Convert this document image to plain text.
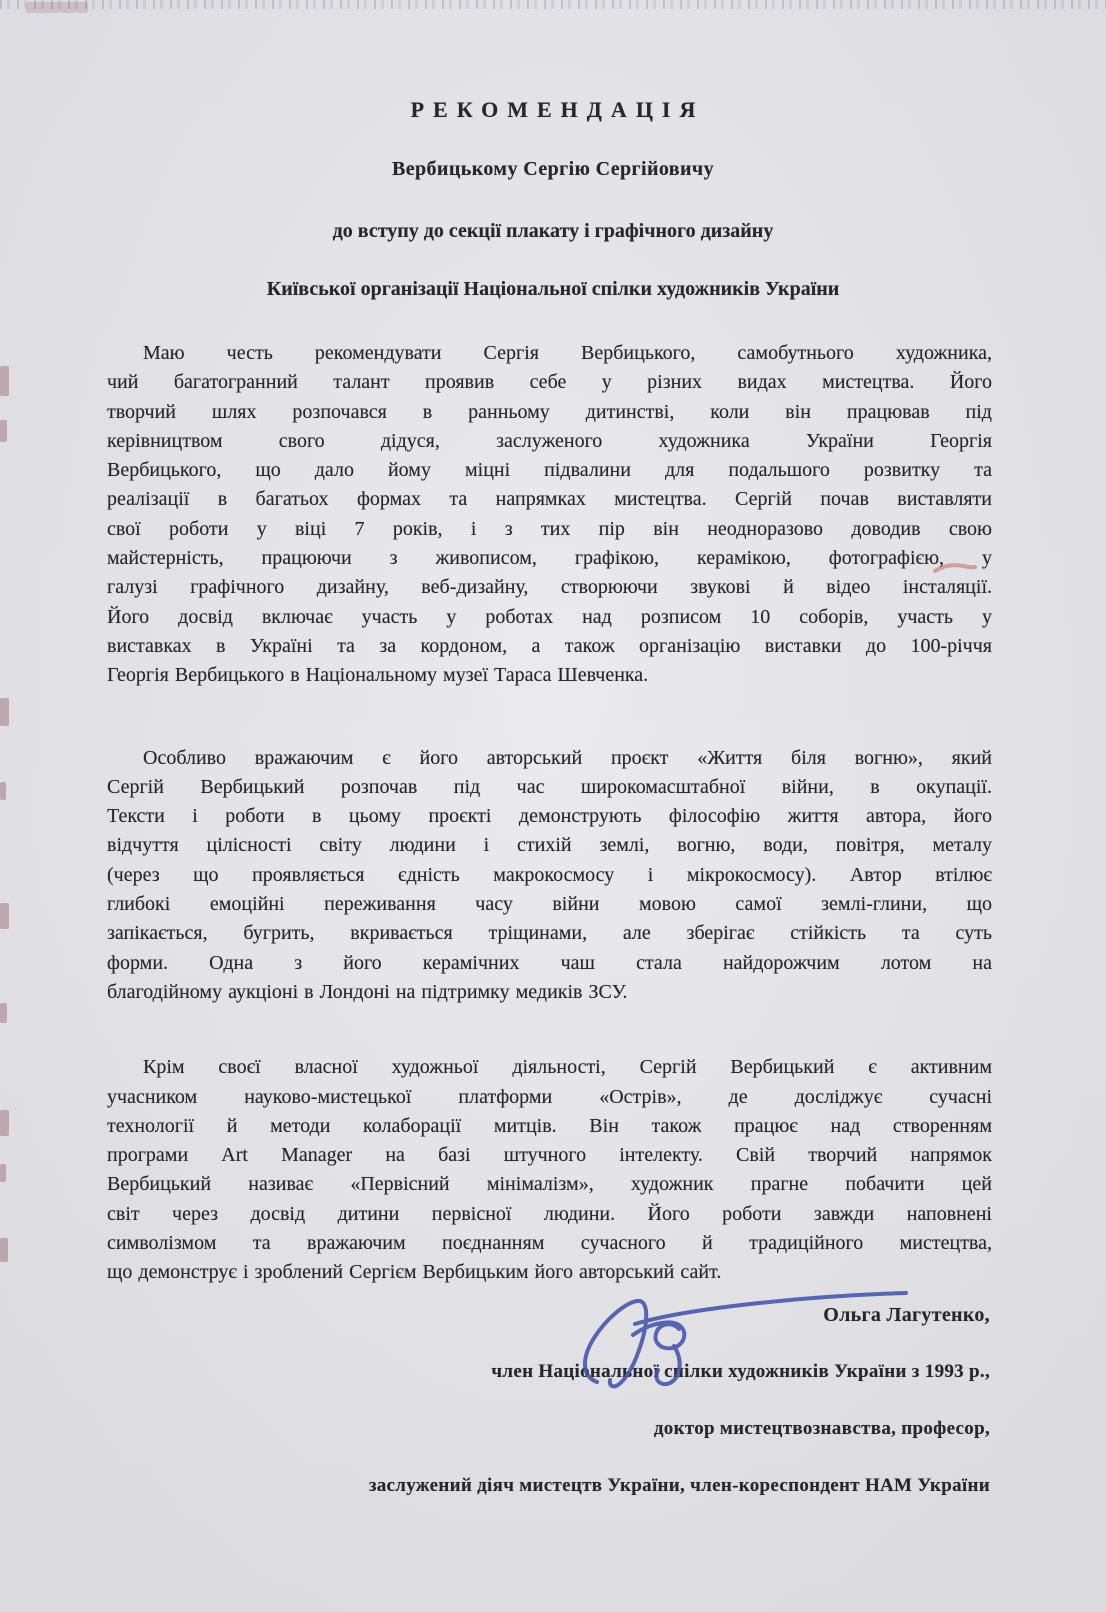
РЕКОМЕНДАЦІЯ
Вербицькому Сергію Сергійовичу
до вступу до секції плакату і графічного дизайну
Київської організації Національної спілки художників України
Маю честь рекомендувати Сергія Вербицького, самобутнього художника,
чий багатогранний талант проявив себе у різних видах мистецтва. Його
творчий шлях розпочався в ранньому дитинстві, коли він працював під
керівництвом свого дідуся, заслуженого художника України Георгія
Вербицького, що дало йому міцні підвалини для подальшого розвитку та
реалізації в багатьох формах та напрямках мистецтва. Сергій почав виставляти
свої роботи у віці 7 років, і з тих пір він неодноразово доводив свою
майстерність, працюючи з живописом, графікою, керамікою, фотографією, у
галузі графічного дизайну, веб-дизайну, створюючи звукові й відео інсталяції.
Його досвід включає участь у роботах над розписом 10 соборів, участь у
виставках в Україні та за кордоном, а також організацію виставки до 100-річчя
Георгія Вербицького в Національному музеї Тараса Шевченка.
Особливо вражаючим є його авторський проєкт «Життя біля вогню», який
Сергій Вербицький розпочав під час широкомасштабної війни, в окупації.
Тексти і роботи в цьому проєкті демонструють філософію життя автора, його
відчуття цілісності світу людини і стихій землі, вогню, води, повітря, металу
(через що проявляється єдність макрокосмосу і мікрокосмосу). Автор втілює
глибокі емоційні переживання часу війни мовою самої землі-глини, що
запікається, бугрить, вкривається тріщинами, але зберігає стійкість та суть
форми. Одна з його керамічних чаш стала найдорожчим лотом на
благодійному аукціоні в Лондоні на підтримку медиків ЗСУ.
Крім своєї власної художньої діяльності, Сергій Вербицький є активним
учасником науково-мистецької платформи «Острів», де досліджує сучасні
технології й методи колаборації митців. Він також працює над створенням
програми Art Manager на базі штучного інтелекту. Свій творчий напрямок
Вербицький називає «Первісний мінімалізм», художник прагне побачити цей
світ через досвід дитини первісної людини. Його роботи завжди наповнені
символізмом та вражаючим поєднанням сучасного й традиційного мистецтва,
що демонструє і зроблений Сергієм Вербицьким його авторський сайт.
Ольга Лагутенко,
член Національної спілки художників України з 1993 р.,
доктор мистецтвознавства, професор,
заслужений діяч мистецтв України, член-кореспондент НАМ України
